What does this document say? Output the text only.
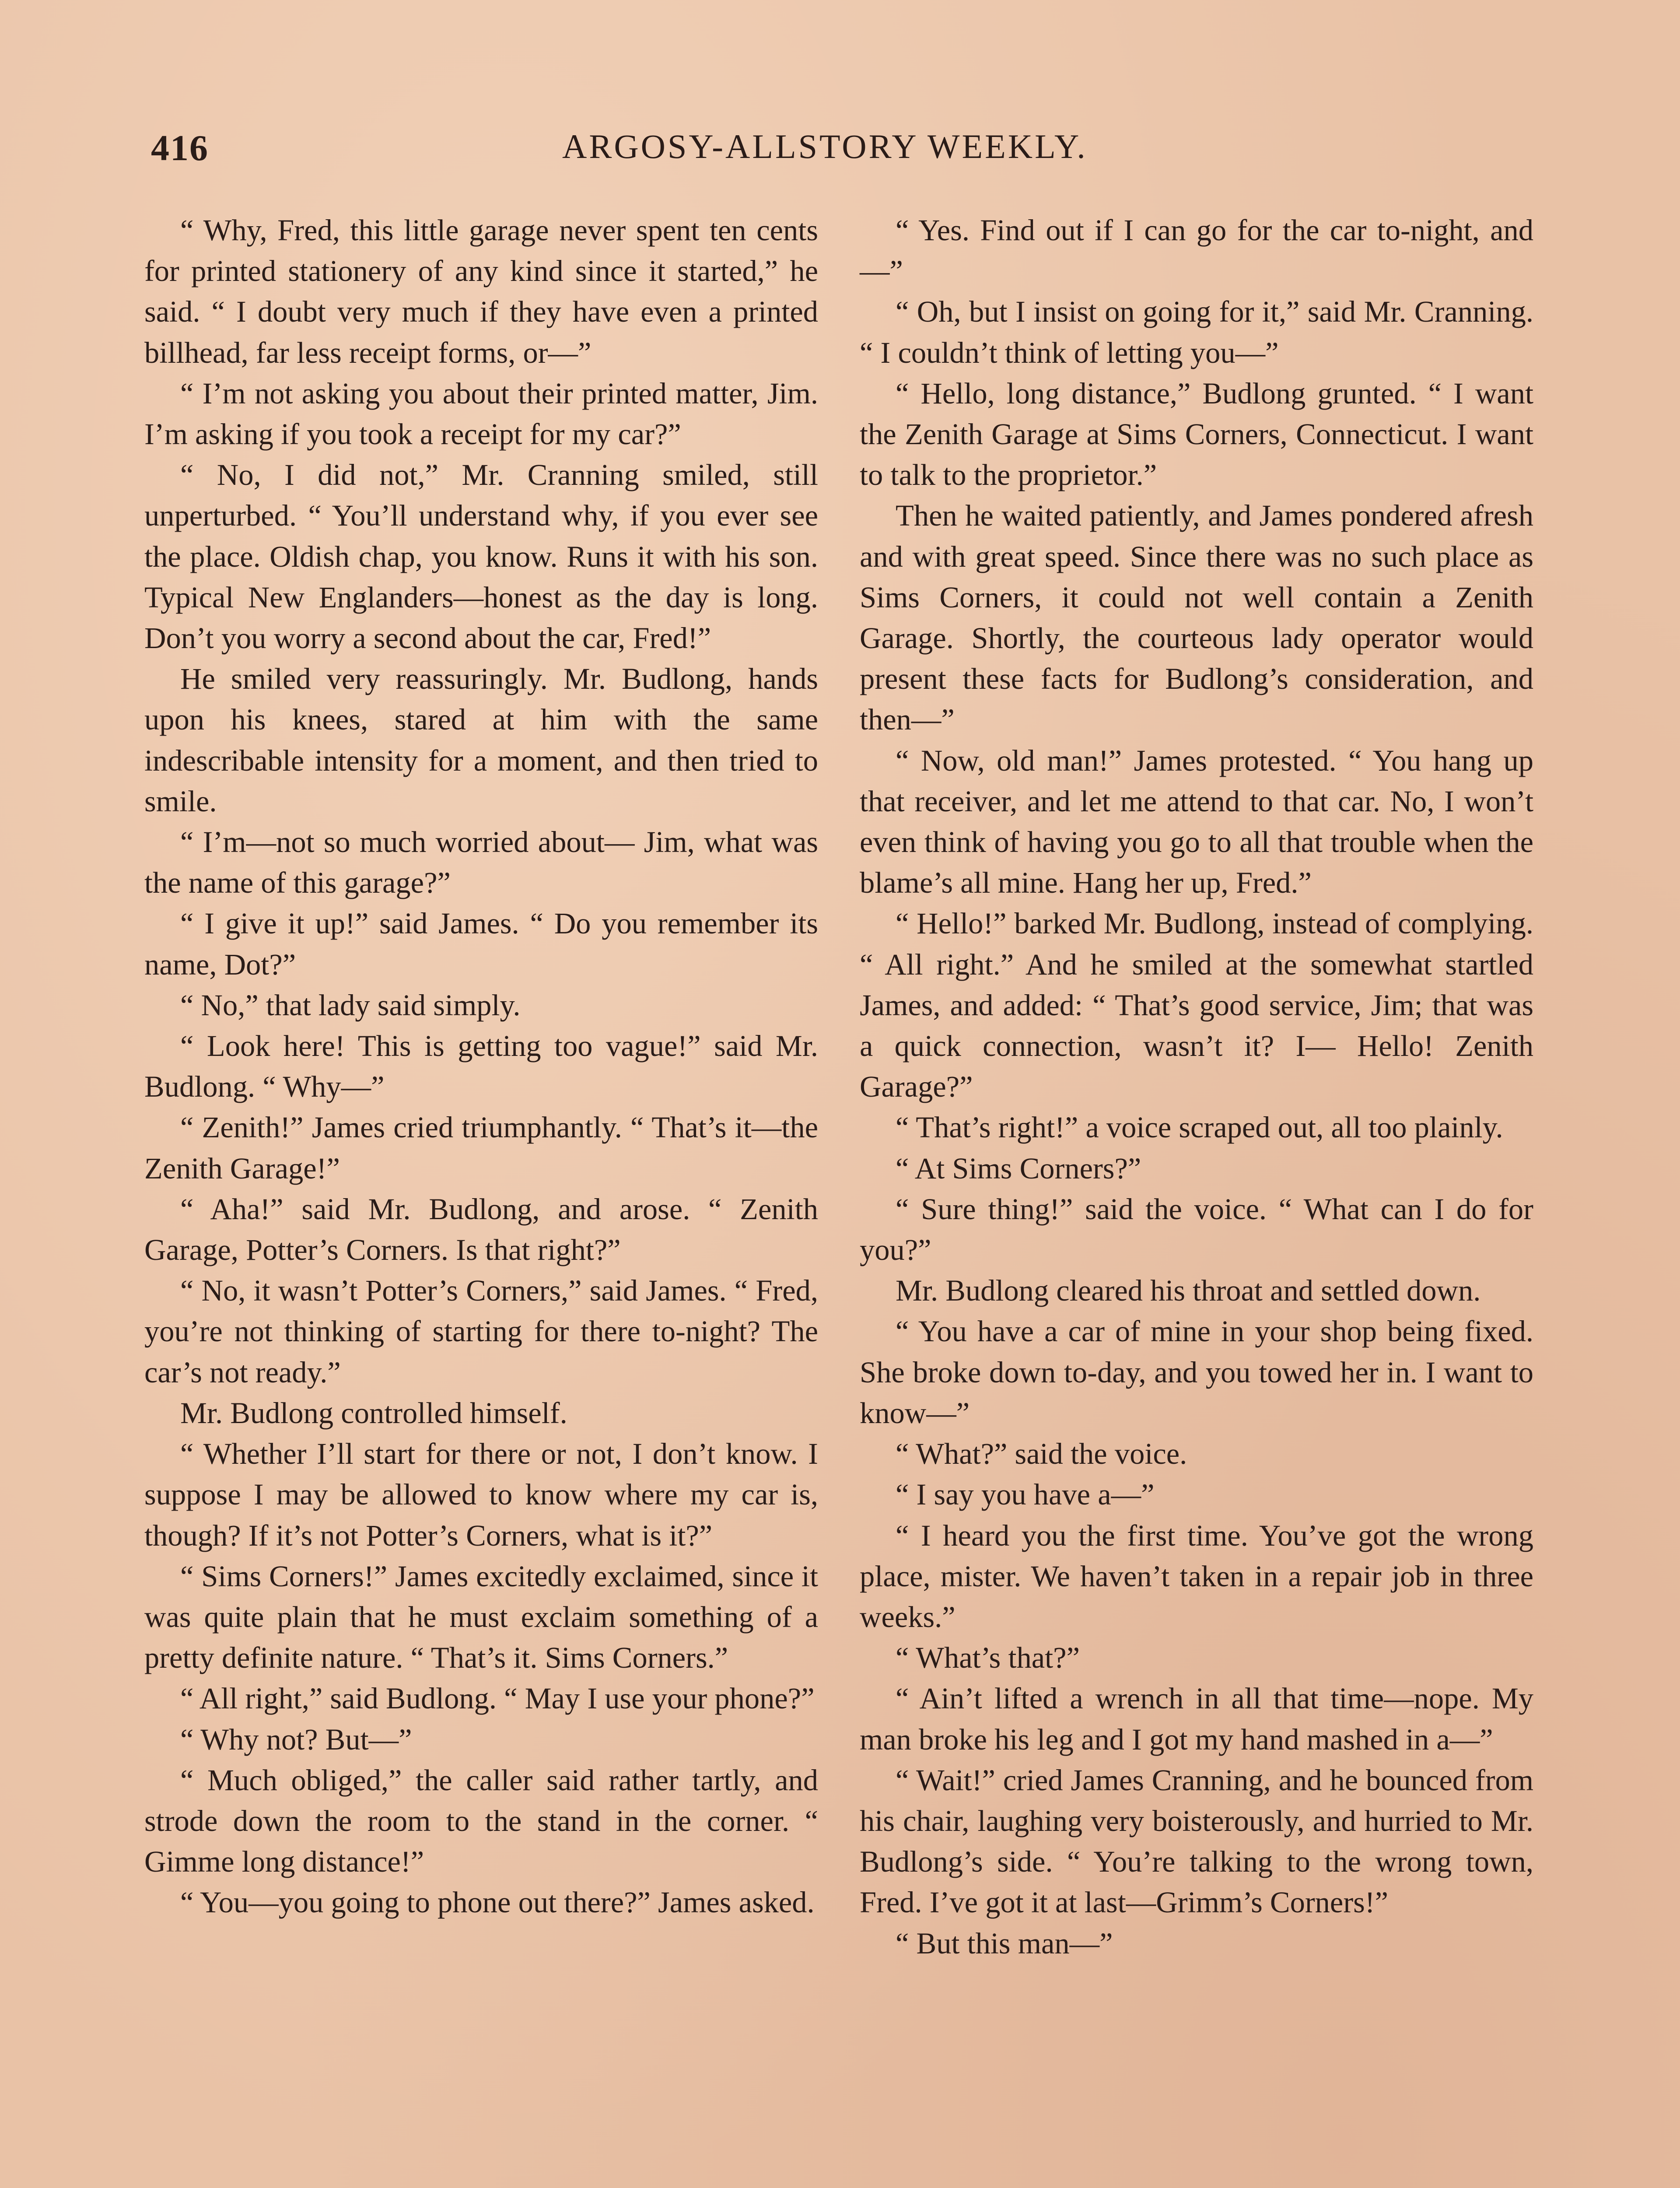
416	ARGOSY-ALLSTORY WEEKLY.

“ Why, Fred, this little garage never spent ten cents for printed stationery of any kind since it started,” he said. “ I doubt very much if they have even a printed billhead, far less receipt forms, or—”

“ I’m not asking you about their printed matter, Jim. I’m asking if you took a receipt for my car?”

“ No, I did not,” Mr. Cranning smiled, still unperturbed. “ You’ll understand why, if you ever see the place. Oldish chap, you know. Runs it with his son. Typical New Englanders—honest as the day is long. Don’t you worry a second about the car, Fred!”

He smiled very reassuringly. Mr. Budlong, hands upon his knees, stared at him with the same indescribable intensity for a moment, and then tried to smile.

“ I’m—not so much worried about— Jim, what was the name of this garage?”

“ I give it up!” said James. “ Do you remember its name, Dot?”

“ No,” that lady said simply.

“ Look here! This is getting too vague!” said Mr. Budlong. “ Why—”

“ Zenith!” James cried triumphantly. “ That’s it—the Zenith Garage!”

“ Aha!” said Mr. Budlong, and arose. “ Zenith Garage, Potter’s Corners. Is that right?”

“ No, it wasn’t Potter’s Corners,” said James. “ Fred, you’re not thinking of starting for there to-night? The car’s not ready.”

Mr. Budlong controlled himself.

“ Whether I’ll start for there or not, I don’t know. I suppose I may be allowed to know where my car is, though? If it’s not Potter’s Corners, what is it?”

“ Sims Corners!” James excitedly exclaimed, since it was quite plain that he must exclaim something of a pretty definite nature. “ That’s it. Sims Corners.”

“ All right,” said Budlong. “ May I use your phone?”

“ Why not? But—”

“ Much obliged,” the caller said rather tartly, and strode down the room to the stand in the corner. “ Gimme long distance!”

“ You—you going to phone out there?” James asked.

“ Yes. Find out if I can go for the car to-night, and—”

“ Oh, but I insist on going for it,” said Mr. Cranning. “ I couldn’t think of letting you—”

“ Hello, long distance,” Budlong grunted. “ I want the Zenith Garage at Sims Corners, Connecticut. I want to talk to the proprietor.”

Then he waited patiently, and James pondered afresh and with great speed. Since there was no such place as Sims Corners, it could not well contain a Zenith Garage. Shortly, the courteous lady operator would present these facts for Budlong’s consideration, and then—”

“ Now, old man!” James protested. “ You hang up that receiver, and let me attend to that car. No, I won’t even think of having you go to all that trouble when the blame’s all mine. Hang her up, Fred.”

“ Hello!” barked Mr. Budlong, instead of complying. “ All right.” And he smiled at the somewhat startled James, and added: “ That’s good service, Jim; that was a quick connection, wasn’t it? I— Hello! Zenith Garage?”

“ That’s right!” a voice scraped out, all too plainly.

“ At Sims Corners?”

“ Sure thing!” said the voice. “ What can I do for you?”

Mr. Budlong cleared his throat and settled down.

“ You have a car of mine in your shop being fixed. She broke down to-day, and you towed her in. I want to know—”

“ What?” said the voice.

“ I say you have a—”

“ I heard you the first time. You’ve got the wrong place, mister. We haven’t taken in a repair job in three weeks.”

“ What’s that?”

“ Ain’t lifted a wrench in all that time—nope. My man broke his leg and I got my hand mashed in a—”

“ Wait!” cried James Cranning, and he bounced from his chair, laughing very boisterously, and hurried to Mr. Budlong’s side. “ You’re talking to the wrong town, Fred. I’ve got it at last—Grimm’s Corners!”

“ But this man—”
